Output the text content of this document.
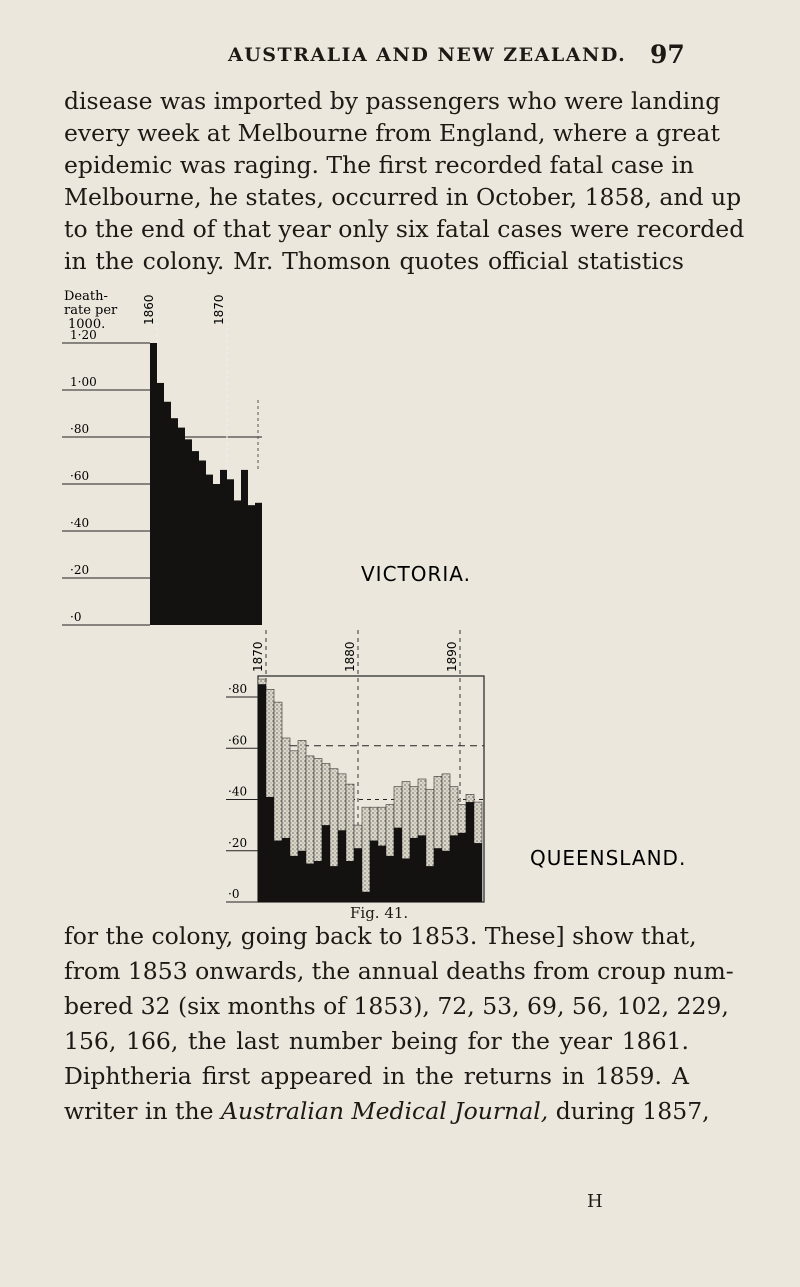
AUSTRALIA AND NEW ZEALAND. 97
disease was imported by passengers who were landing
every week at Melbourne from England, where a great
epidemic was raging. The first recorded fatal case in
Melbourne, he states, occurred in October, 1858, and up
to the end of that year only six fatal cases were recorded
in the colony. Mr. Thomson quotes official statistics
Death-
rate per
1000.
VICTORIA.
QUEENSLAND.
1·20
1·00
·80
·60
·40
·20
·0
1860	1870
·80
·60
·40
·20
·0
1870	1880	1890
Fig. 41.
for the colony, going back to 1853. These] show that,
from 1853 onwards, the annual deaths from croup num-
bered 32 (six months of 1853), 72, 53, 69, 56, 102, 229,
156, 166, the last number being for the year 1861.
Diphtheria first appeared in the returns in 1859. A
writer in the Australian Medical Journal, during 1857,
H
